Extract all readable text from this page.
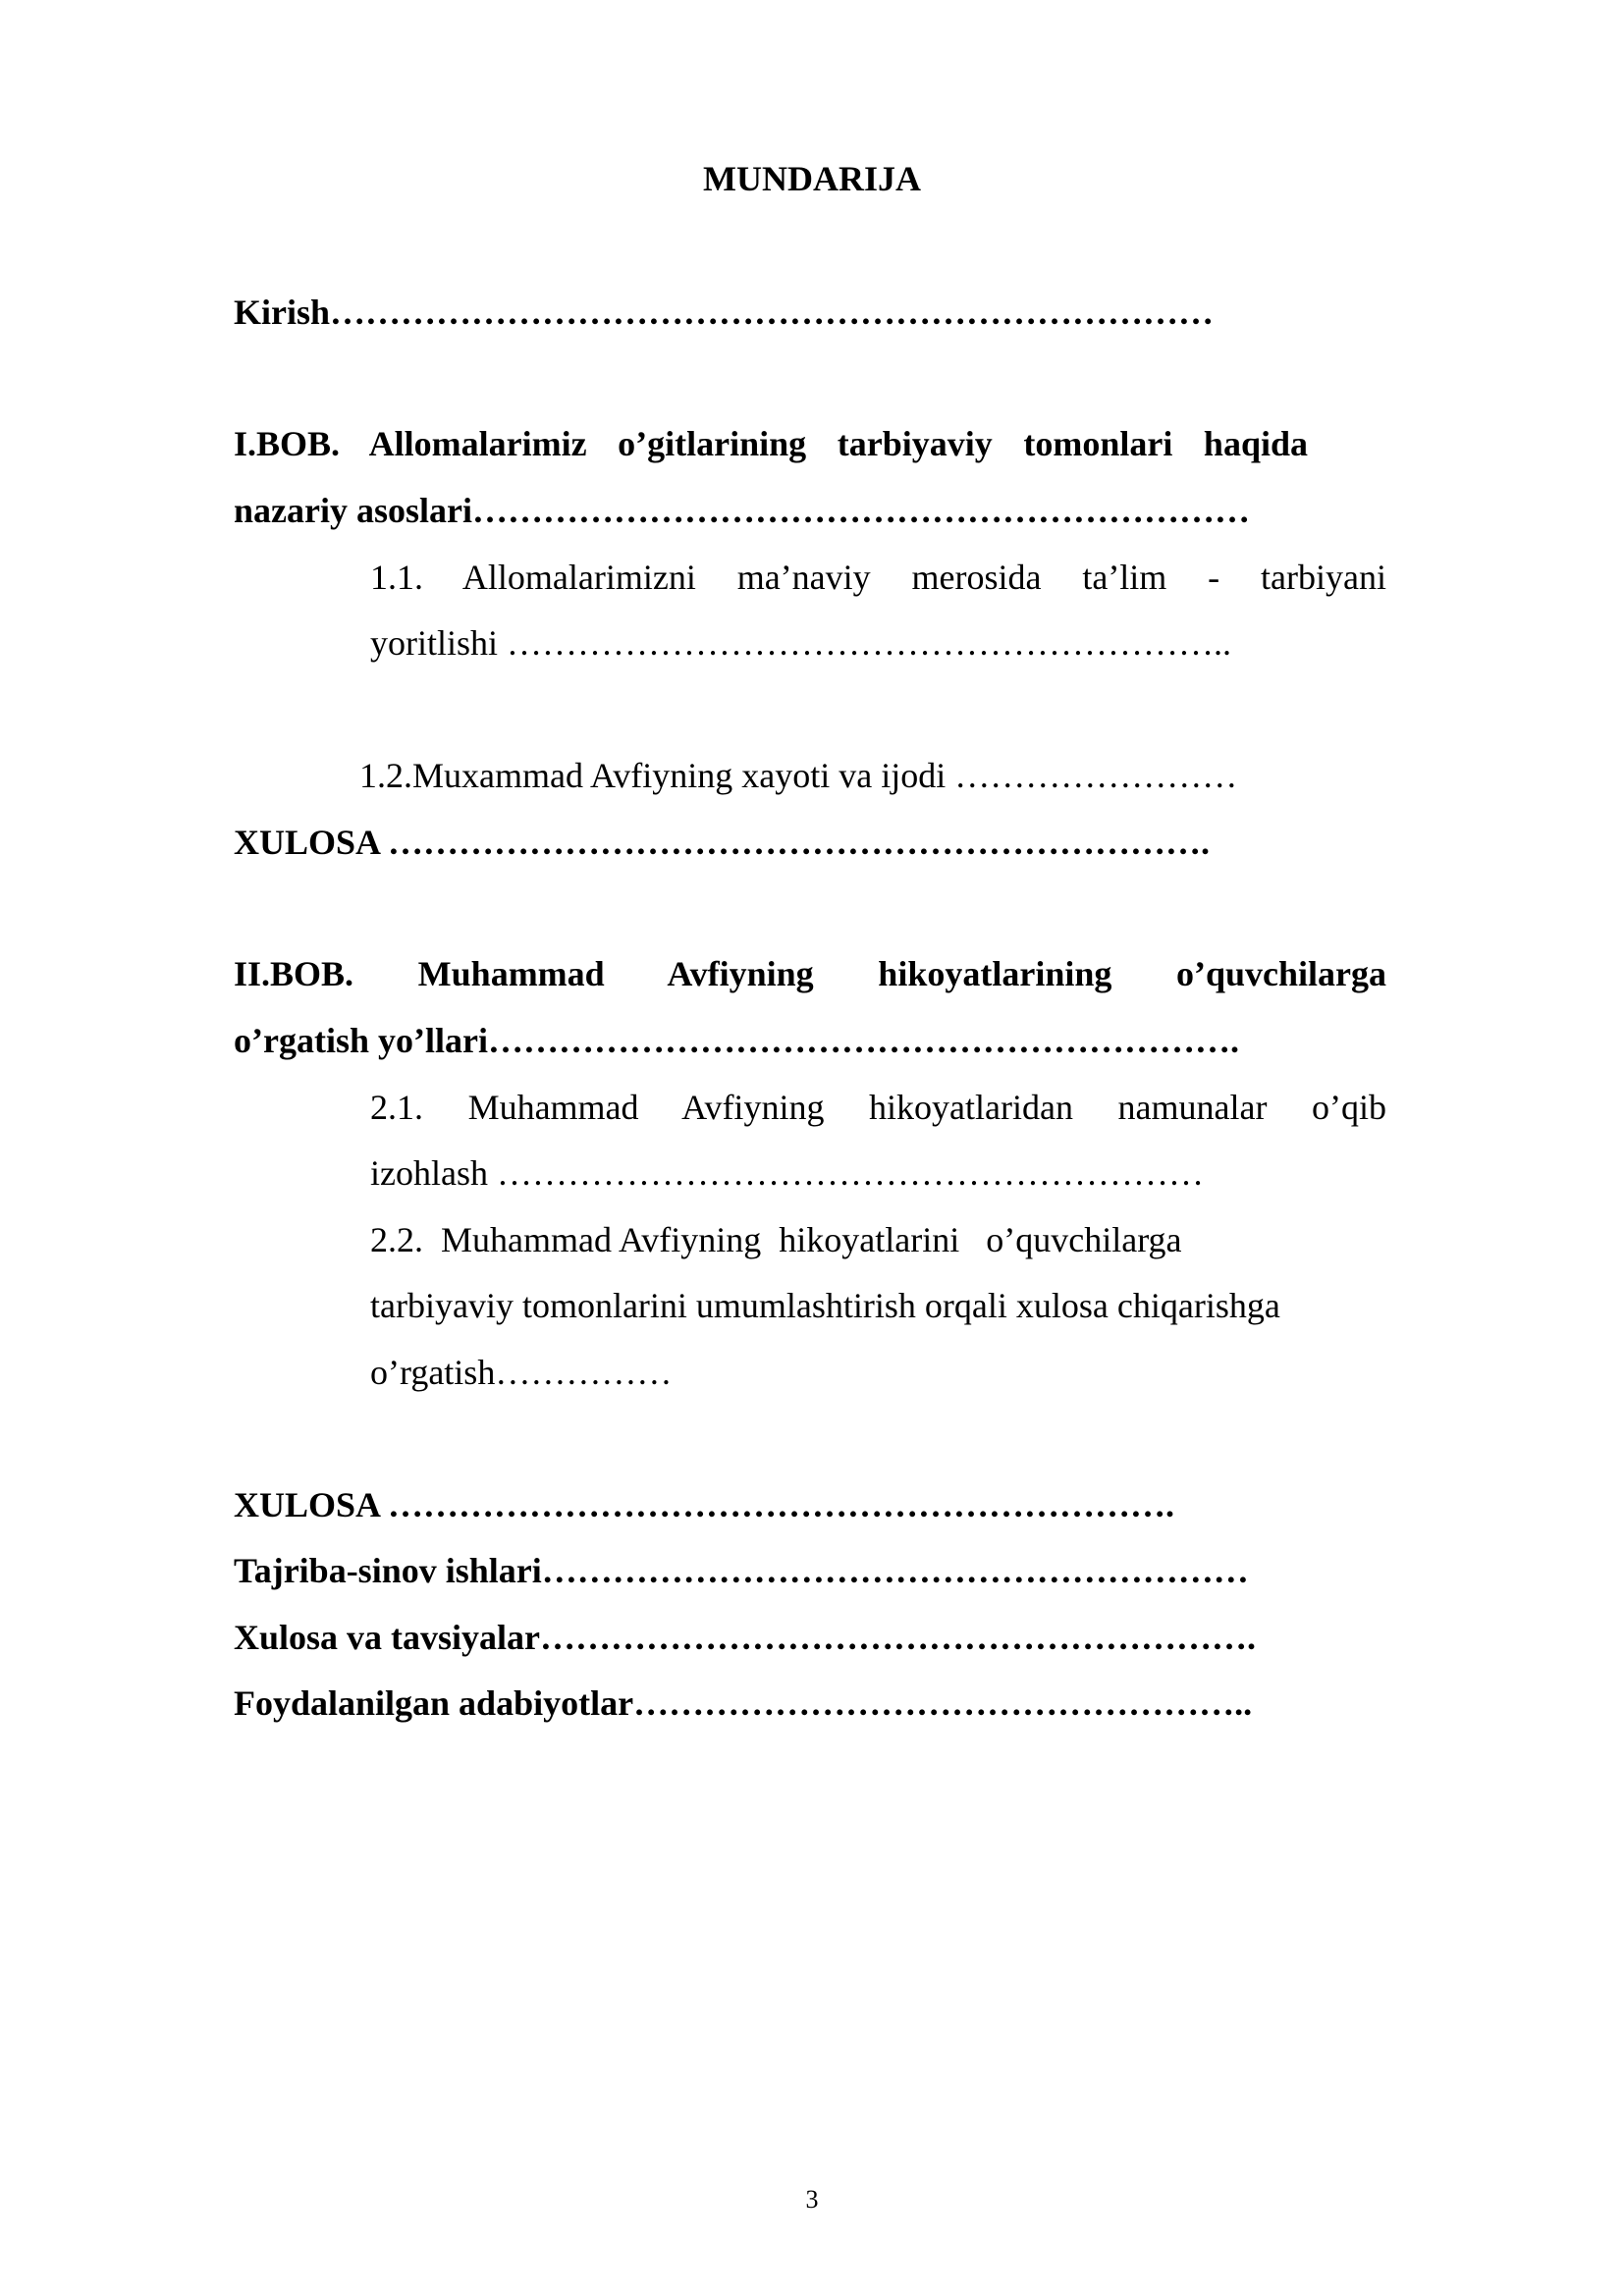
MUNDARIJA
Kirish…………………………………………………………………
I.BOB. Allomalarimiz o’gitlarining tarbiyaviy tomonlari haqida
nazariy asoslari…………………………………………………………
1.1. Allomalarimizni ma’naviy merosida ta’lim - tarbiyani
yoritlishi ……………………………………………………..
1.2.Muxammad Avfiyning xayoti va ijodi ……………………
XULOSA …………………………………………………………….
II.BOB. Muhammad Avfiyning hikoyatlarining o’quvchilarga
o’rgatish yo’llari……………………………………………………….
2.1. Muhammad Avfiyning hikoyatlaridan namunalar o’qib
izohlash ……………………………………………………
2.2.  Muhammad Avfiyning  hikoyatlarini   o’quvchilarga
tarbiyaviy tomonlarini umumlashtirish orqali xulosa chiqarishga
o’rgatish……………
XULOSA ………………………………………………………….
Tajriba-sinov ishlari……………………………………………………
Xulosa va tavsiyalar…………………………………………………….
Foydalanilgan adabiyotlar……………………………………………..
3
